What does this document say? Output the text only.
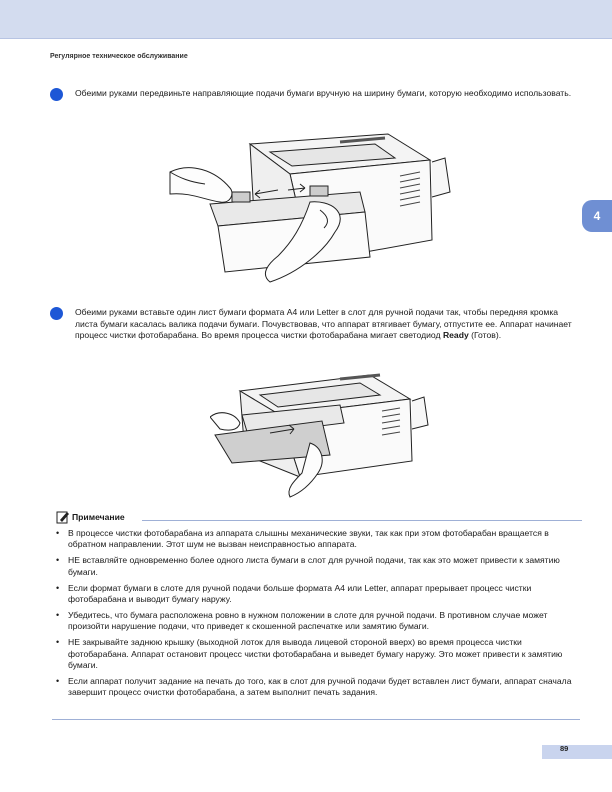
Регулярное техническое обслуживание
4
Обеими руками передвиньте направляющие подачи бумаги вручную на ширину бумаги, которую необходимо использовать.
Обеими руками вставьте один лист бумаги формата A4 или Letter в слот для ручной подачи так, чтобы передняя кромка листа бумаги касалась валика подачи бумаги. Почувствовав, что аппарат втягивает бумагу, отпустите ее. Аппарат начинает процесс чистки фотобарабана. Во время процесса чистки фотобарабана мигает светодиод Ready (Готов).
Примечание
• В процессе чистки фотобарабана из аппарата слышны механические звуки, так как при этом фотобарабан вращается в обратном направлении. Этот шум не вызван неисправностью аппарата.
• НЕ вставляйте одновременно более одного листа бумаги в слот для ручной подачи, так как это может привести к замятию бумаги.
• Если формат бумаги в слоте для ручной подачи больше формата A4 или Letter, аппарат прерывает процесс чистки фотобарабана и выводит бумагу наружу.
• Убедитесь, что бумага расположена ровно в нужном положении в слоте для ручной подачи. В противном случае может произойти нарушение подачи, что приведет к скошенной распечатке или замятию бумаги.
• НЕ закрывайте заднюю крышку (выходной лоток для вывода лицевой стороной вверх) во время процесса чистки фотобарабана. Аппарат остановит процесс чистки фотобарабана и выведет бумагу наружу. Это может привести к замятию бумаги.
• Если аппарат получит задание на печать до того, как в слот для ручной подачи будет вставлен лист бумаги, аппарат сначала завершит процесс очистки фотобарабана, а затем выполнит печать задания.
89
